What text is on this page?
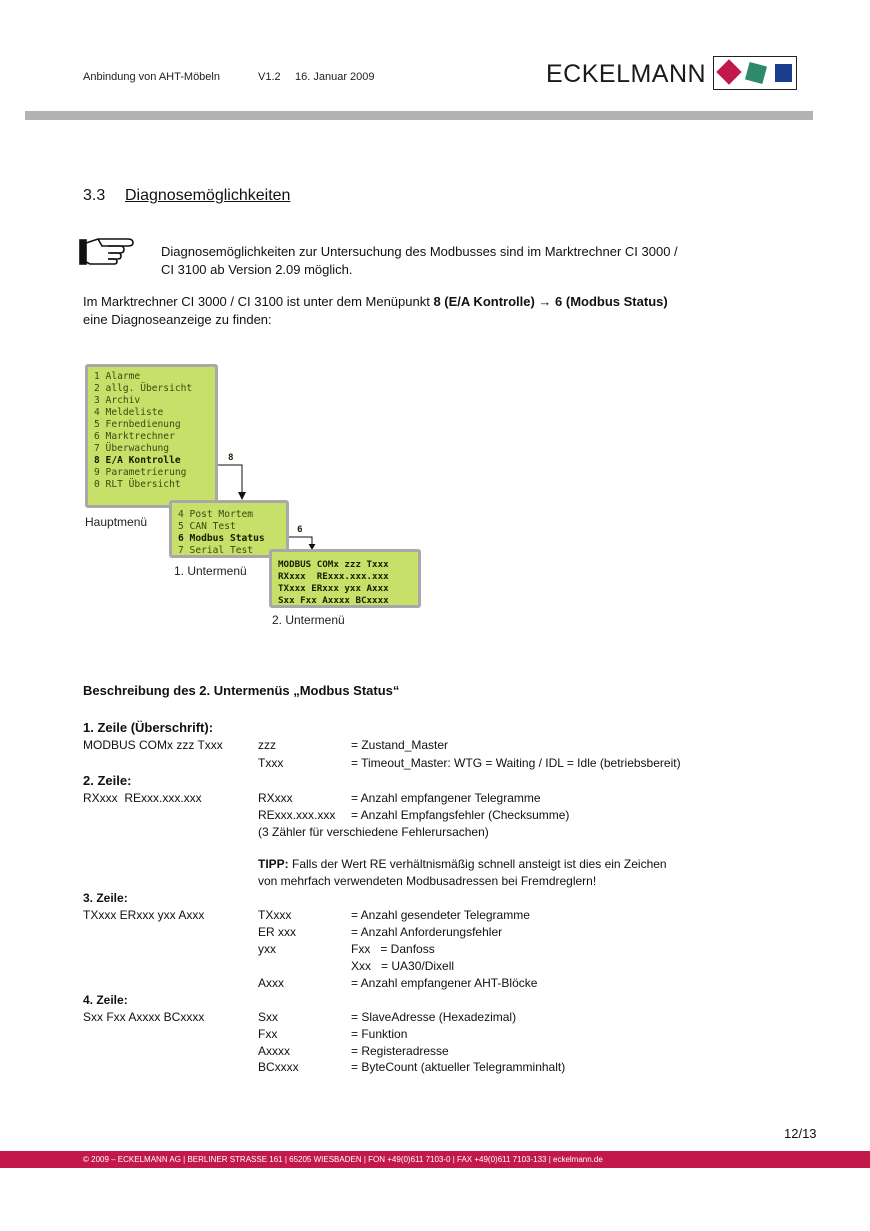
Anbindung von AHT-Möbeln	V1.2 16. Januar 2009	ECKELMANN
3.3 Diagnosemöglichkeiten
Diagnosemöglichkeiten zur Untersuchung des Modbusses sind im Marktrechner CI 3000 /
CI 3100 ab Version 2.09 möglich.
Im Marktrechner CI 3000 / CI 3100 ist unter dem Menüpunkt 8 (E/A Kontrolle) → 6 (Modbus Status)
eine Diagnoseanzeige zu finden:
1 Alarme
2 allg. Übersicht
3 Archiv
4 Meldeliste
5 Fernbedienung
6 Marktrechner
7 Überwachung
8 E/A Kontrolle
9 Parametrierung
0 RLT Übersicht
Hauptmenü
8
4 Post Mortem
5 CAN Test
6 Modbus Status
7 Serial Test
1. Untermenü
6
MODBUS COMx zzz Txxx
RXxxx  RExxx.xxx.xxx
TXxxx ERxxx yxx Axxx
Sxx Fxx Axxxx BCxxxx
2. Untermenü
Beschreibung des 2. Untermenüs „Modbus Status“
1. Zeile (Überschrift):
MODBUS COMx zzz Txxx	zzz	= Zustand_Master
Txxx	= Timeout_Master: WTG = Waiting / IDL = Idle (betriebsbereit)
2. Zeile:
RXxxx  RExxx.xxx.xxx	RXxxx	= Anzahl empfangener Telegramme
RExxx.xxx.xxx = Anzahl Empfangsfehler (Checksumme)
(3 Zähler für verschiedene Fehlerursachen)
TIPP: Falls der Wert RE verhältnismäßig schnell ansteigt ist dies ein Zeichen
von mehrfach verwendeten Modbusadressen bei Fremdreglern!
3. Zeile:
TXxxx ERxxx yxx Axxx	TXxxx	= Anzahl gesendeter Telegramme
ER xxx	= Anzahl Anforderungsfehler
yxx	Fxx   = Danfoss
Xxx   = UA30/Dixell
Axxx	= Anzahl empfangener AHT-Blöcke
4. Zeile:
Sxx Fxx Axxxx BCxxxx	Sxx	= SlaveAdresse (Hexadezimal)
Fxx	= Funktion
Axxxx	= Registeradresse
BCxxxx	= ByteCount (aktueller Telegramminhalt)
12/13
© 2009 – ECKELMANN AG | BERLINER STRASSE 161 | 65205 WIESBADEN | FON +49(0)611 7103-0 | FAX +49(0)611 7103-133 | eckelmann.de
